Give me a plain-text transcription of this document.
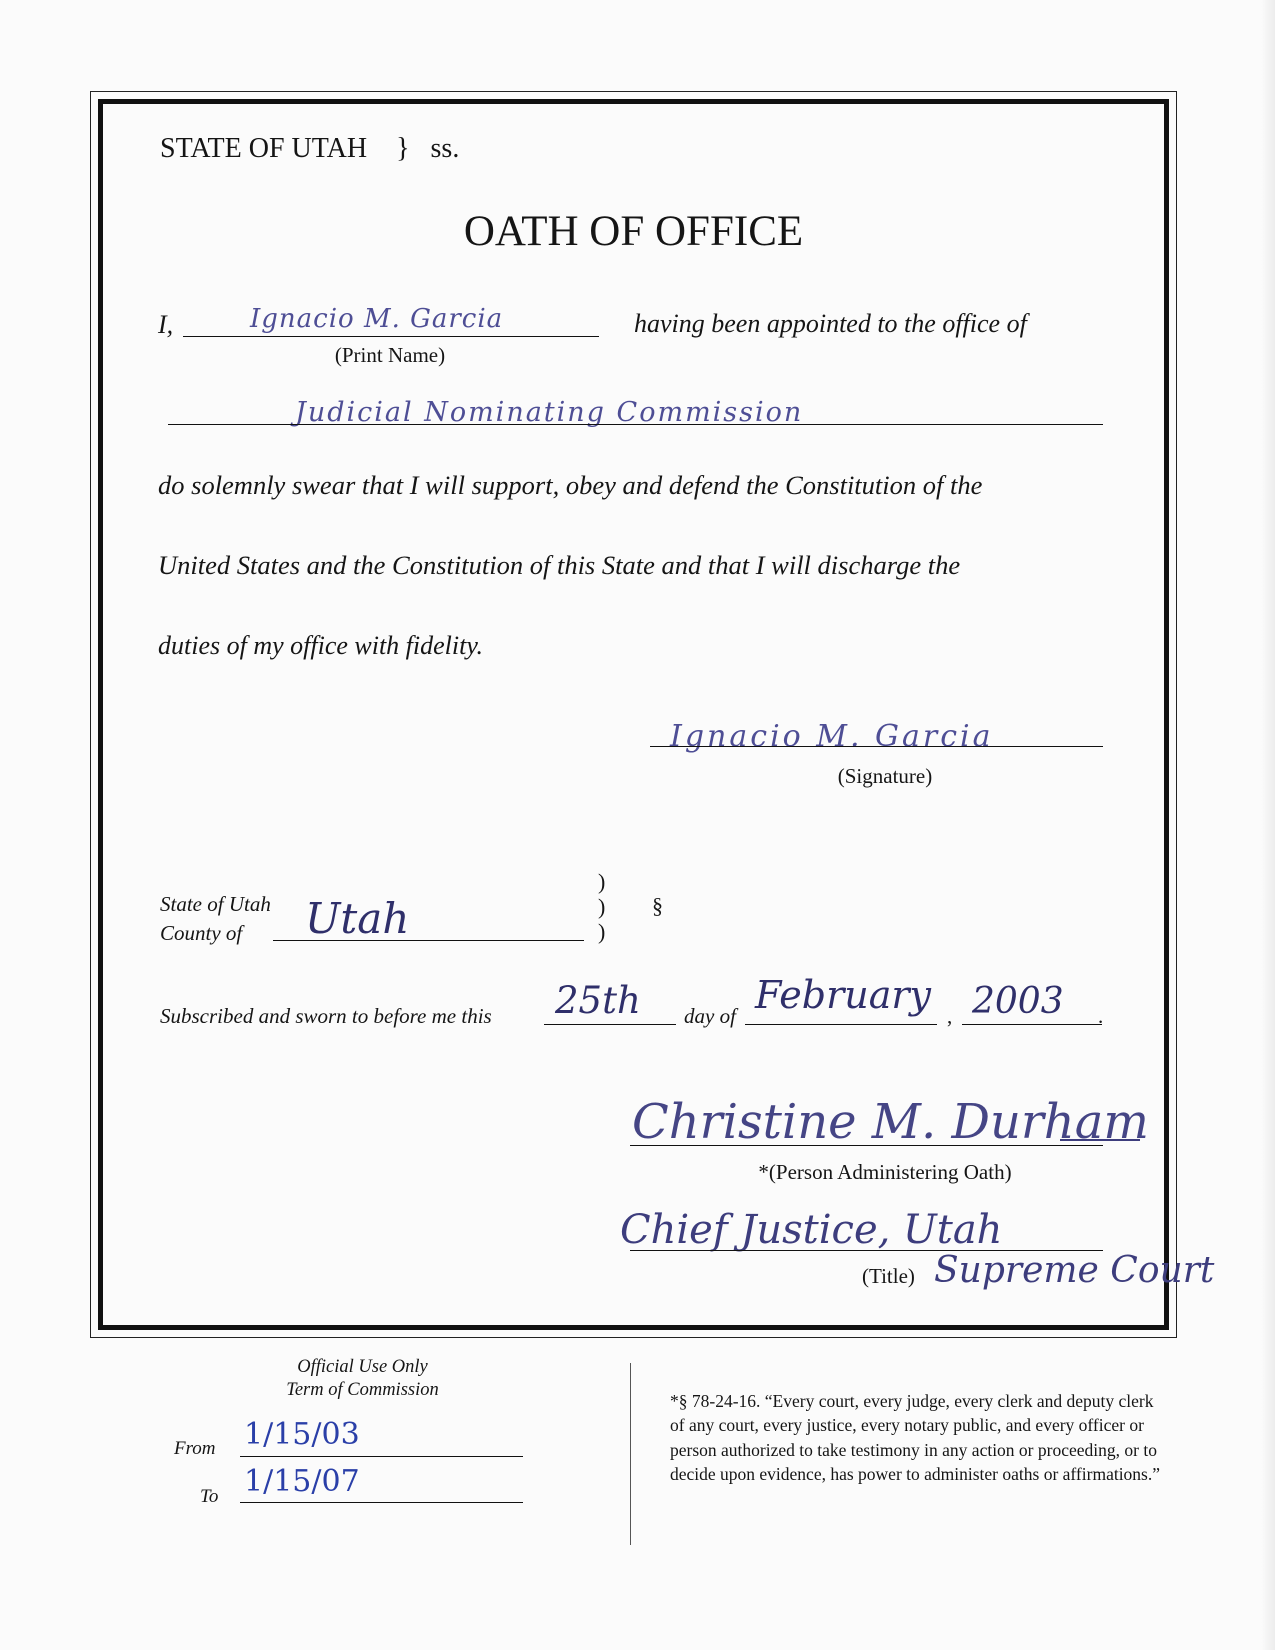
STATE OF UTAH } ss.
OATH OF OFFICE
I,	Ignacio M. Garcia
(Print Name)
having been appointed to the office of
Judicial Nominating Commission
do solemnly swear that I will support, obey and defend the Constitution of the
United States and the Constitution of this State and that I will discharge the
duties of my office with fidelity.
Ignacio M. Garcia
(Signature)
State of Utah
County of Utah
)
)
)
§
Subscribed and sworn to before me this 25th day of February , 2003 .
Christine M. Durham
*(Person Administering Oath)
Chief Justice, Utah
(Title) Supreme Court
Official Use Only
Term of Commission
From 1/15/03
To 1/15/07
*§ 78-24-16. “Every court, every judge, every clerk and deputy clerk of any court, every justice, every notary public, and every officer or person authorized to take testimony in any action or proceeding, or to decide upon evidence, has power to administer oaths or affirmations.”
